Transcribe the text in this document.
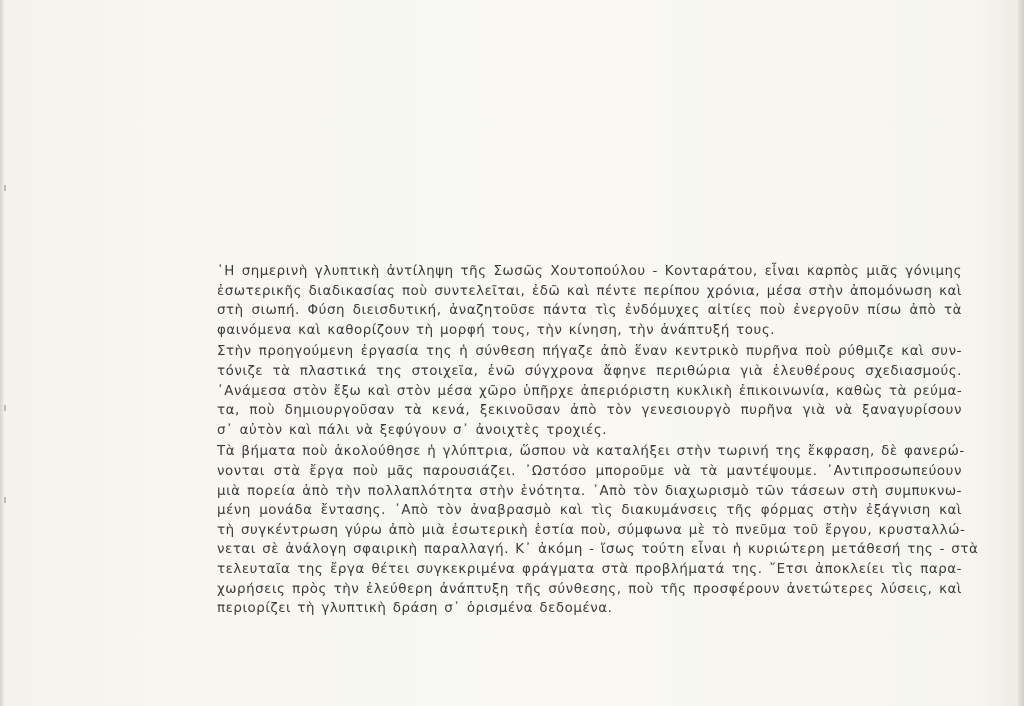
῾Η σημερινὴ γλυπτικὴ ἀντίληψη τῆς Σωσῶς Χουτοπούλου - Κονταράτου, εἶναι καρπὸς μιᾶς γόνιμης
ἐσωτερικῆς διαδικασίας ποὺ συντελεῖται, ἐδῶ καὶ πέντε περίπου χρόνια, μέσα στὴν ἀπομόνωση καὶ
στὴ σιωπή. Φύση διεισδυτική, ἀναζητοῦσε πάντα τὶς ἐνδόμυχες αἰτίες ποὺ ἐνεργοῦν πίσω ἀπὸ τὰ
φαινόμενα καὶ καθορίζουν τὴ μορφή τους, τὴν κίνηση, τὴν ἀνάπτυξή τους.
Στὴν προηγούμενη ἐργασία της ἡ σύνθεση πήγαζε ἀπὸ ἕναν κεντρικὸ πυρῆνα ποὺ ρύθμιζε καὶ συν-
τόνιζε τὰ πλαστικά της στοιχεῖα, ἐνῶ σύγχρονα ἄφηνε περιθώρια γιὰ ἐλευθέρους σχεδιασμούς.
᾿Ανάμεσα στὸν ἔξω καὶ στὸν μέσα χῶρο ὑπῆρχε ἀπεριόριστη κυκλικὴ ἐπικοινωνία, καθὼς τὰ ρεύμα-
τα, ποὺ δημιουργοῦσαν τὰ κενά, ξεκινοῦσαν ἀπὸ τὸν γενεσιουργὸ πυρῆνα γιὰ νὰ ξαναγυρίσουν
σ᾿ αὐτὸν καὶ πάλι νὰ ξεφύγουν σ᾿ ἀνοιχτὲς τροχιές.
Τὰ βήματα ποὺ ἀκολούθησε ἡ γλύπτρια, ὥσπου νὰ καταλήξει στὴν τωρινή της ἔκφραση, δὲ φανερώ-
νονται στὰ ἔργα ποὺ μᾶς παρουσιάζει. ᾿Ωστόσο μποροῦμε νὰ τὰ μαντέψουμε. ᾿Αντιπροσωπεύουν
μιὰ πορεία ἀπὸ τὴν πολλαπλότητα στὴν ἑνότητα. ᾿Απὸ τὸν διαχωρισμὸ τῶν τάσεων στὴ συμπυκνω-
μένη μονάδα ἔντασης. ᾿Απὸ τὸν ἀναβρασμὸ καὶ τὶς διακυμάνσεις τῆς φόρμας στὴν ἐξάγνιση καὶ
τὴ συγκέντρωση γύρω ἀπὸ μιὰ ἐσωτερικὴ ἑστία ποὺ, σύμφωνα μὲ τὸ πνεῦμα τοῦ ἔργου, κρυσταλλώ-
νεται σὲ ἀνάλογη σφαιρικὴ παραλλαγή. Κ᾿ ἀκόμη - ἴσως τούτη εἶναι ἡ κυριώτερη μετάθεσή της - στὰ
τελευταῖα της ἔργα θέτει συγκεκριμένα φράγματα στὰ προβλήματά της. ῎Ετσι ἀποκλείει τὶς παρα-
χωρήσεις πρὸς τὴν ἐλεύθερη ἀνάπτυξη τῆς σύνθεσης, ποὺ τῆς προσφέρουν ἀνετώτερες λύσεις, καὶ
περιορίζει τὴ γλυπτικὴ δράση σ᾿ ὁρισμένα δεδομένα.
